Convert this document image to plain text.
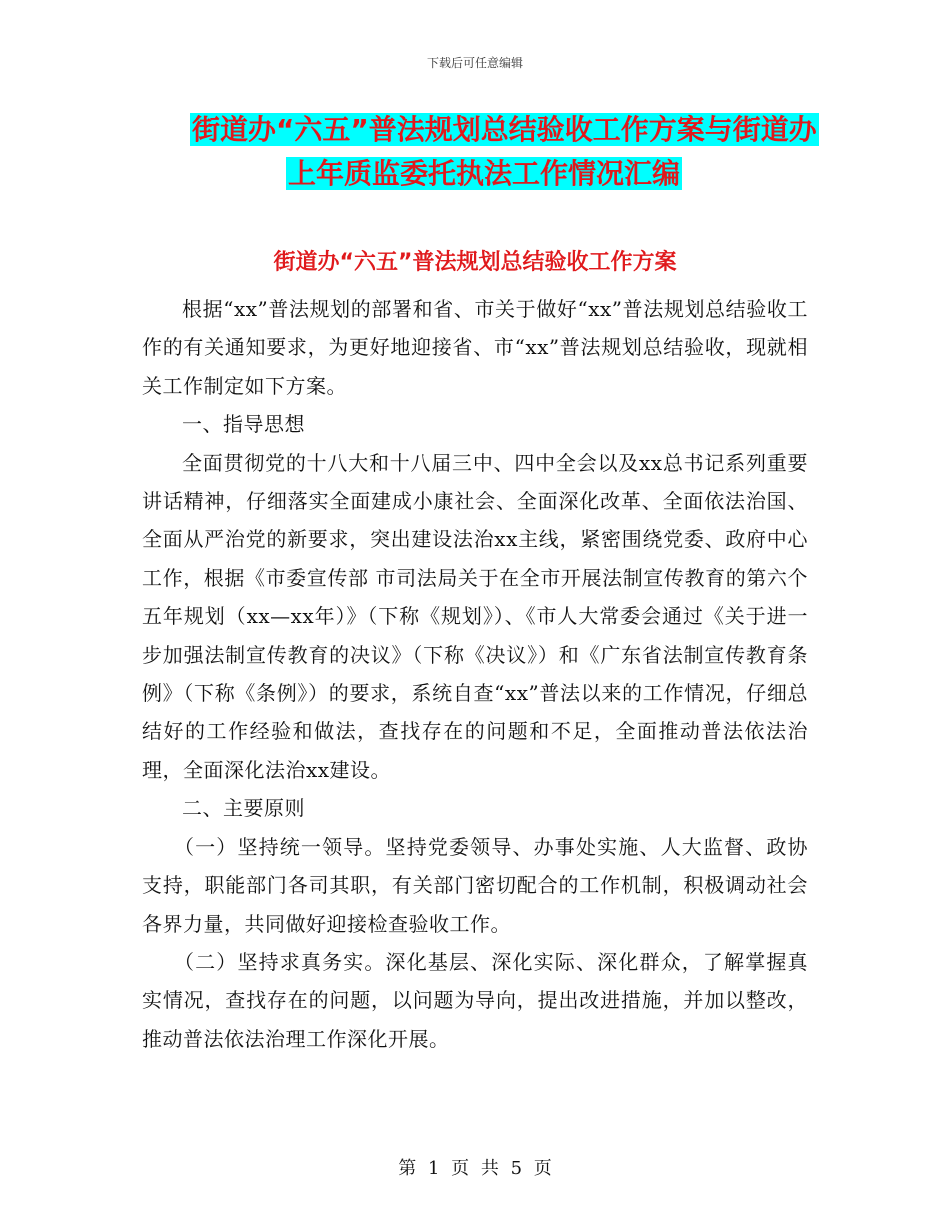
下载后可任意编辑
街道办“六五”普法规划总结验收工作方案与街道办
上年质监委托执法工作情况汇编
街道办“六五”普法规划总结验收工作方案

根据“xx”普法规划的部署和省、市关于做好“xx”普法规划总结验收工作的有关通知要求，为更好地迎接省、市“xx”普法规划总结验收，现就相关工作制定如下方案。

一、指导思想

全面贯彻党的十八大和十八届三中、四中全会以及xx总书记系列重要讲话精神，仔细落实全面建成小康社会、全面深化改革、全面依法治国、全面从严治党的新要求，突出建设法治xx主线，紧密围绕党委、政府中心工作，根据《市委宣传部 市司法局关于在全市开展法制宣传教育的第六个五年规划（xx—xx年）》（下称《规划》）、《市人大常委会通过《关于进一步加强法制宣传教育的决议》（下称《决议》）和《广东省法制宣传教育条例》（下称《条例》）的要求，系统自查“xx”普法以来的工作情况，仔细总结好的工作经验和做法，查找存在的问题和不足，全面推动普法依法治理，全面深化法治xx建设。

二、主要原则

（一）坚持统一领导。坚持党委领导、办事处实施、人大监督、政协支持，职能部门各司其职，有关部门密切配合的工作机制，积极调动社会各界力量，共同做好迎接检查验收工作。

（二）坚持求真务实。深化基层、深化实际、深化群众，了解掌握真实情况，查找存在的问题，以问题为导向，提出改进措施，并加以整改，推动普法依法治理工作深化开展。

第 1 页 共 5 页
